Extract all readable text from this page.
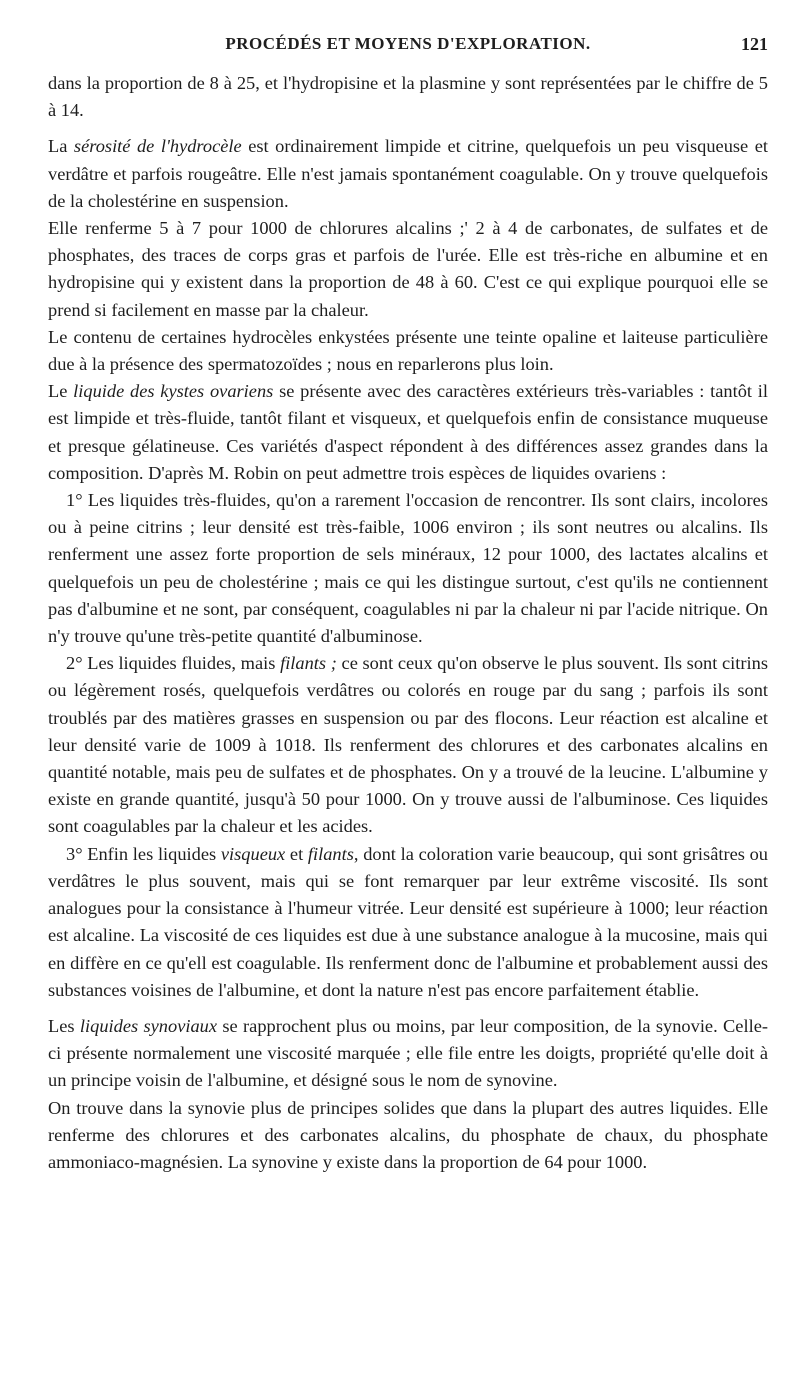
PROCÉDÉS ET MOYENS D'EXPLORATION.	121

dans la proportion de 8 à 25, et l'hydropisine et la plasmine y sont représentées par le chiffre de 5 à 14.

La sérosité de l'hydrocèle est ordinairement limpide et citrine, quelquefois un peu visqueuse et verdâtre et parfois rougeâtre. Elle n'est jamais spontanément coagulable. On y trouve quelquefois de la cholestérine en suspension.

Elle renferme 5 à 7 pour 1000 de chlorures alcalins ;' 2 à 4 de carbonates, de sulfates et de phosphates, des traces de corps gras et parfois de l'urée. Elle est très-riche en albumine et en hydropisine qui y existent dans la proportion de 48 à 60. C'est ce qui explique pourquoi elle se prend si facilement en masse par la chaleur.

Le contenu de certaines hydrocèles enkystées présente une teinte opaline et laiteuse particulière due à la présence des spermatozoïdes ; nous en reparlerons plus loin.

Le liquide des kystes ovariens se présente avec des caractères extérieurs très-variables : tantôt il est limpide et très-fluide, tantôt filant et visqueux, et quelquefois enfin de consistance muqueuse et presque gélatineuse. Ces variétés d'aspect répondent à des différences assez grandes dans la composition. D'après M. Robin on peut admettre trois espèces de liquides ovariens :

1° Les liquides très-fluides, qu'on a rarement l'occasion de rencontrer. Ils sont clairs, incolores ou à peine citrins ; leur densité est très-faible, 1006 environ ; ils sont neutres ou alcalins. Ils renferment une assez forte proportion de sels minéraux, 12 pour 1000, des lactates alcalins et quelquefois un peu de cholestérine ; mais ce qui les distingue surtout, c'est qu'ils ne contiennent pas d'albumine et ne sont, par conséquent, coagulables ni par la chaleur ni par l'acide nitrique. On n'y trouve qu'une très-petite quantité d'albuminose.

2° Les liquides fluides, mais filants ; ce sont ceux qu'on observe le plus souvent. Ils sont citrins ou légèrement rosés, quelquefois verdâtres ou colorés en rouge par du sang ; parfois ils sont troublés par des matières grasses en suspension ou par des flocons. Leur réaction est alcaline et leur densité varie de 1009 à 1018. Ils renferment des chlorures et des carbonates alcalins en quantité notable, mais peu de sulfates et de phosphates. On y a trouvé de la leucine. L'albumine y existe en grande quantité, jusqu'à 50 pour 1000. On y trouve aussi de l'albuminose. Ces liquides sont coagulables par la chaleur et les acides.

3° Enfin les liquides visqueux et filants, dont la coloration varie beaucoup, qui sont grisâtres ou verdâtres le plus souvent, mais qui se font remarquer par leur extrême viscosité. Ils sont analogues pour la consistance à l'humeur vitrée. Leur densité est supérieure à 1000; leur réaction est alcaline. La viscosité de ces liquides est due à une substance analogue à la mucosine, mais qui en diffère en ce qu'ell est coagulable. Ils renferment donc de l'albumine et probablement aussi des substances voisines de l'albumine, et dont la nature n'est pas encore parfaitement établie.

Les liquides synoviaux se rapprochent plus ou moins, par leur composition, de la synovie. Celle-ci présente normalement une viscosité marquée ; elle file entre les doigts, propriété qu'elle doit à un principe voisin de l'albumine, et désigné sous le nom de synovine.

On trouve dans la synovie plus de principes solides que dans la plupart des autres liquides. Elle renferme des chlorures et des carbonates alcalins, du phosphate de chaux, du phosphate ammoniaco-magnésien. La synovine y existe dans la proportion de 64 pour 1000.
